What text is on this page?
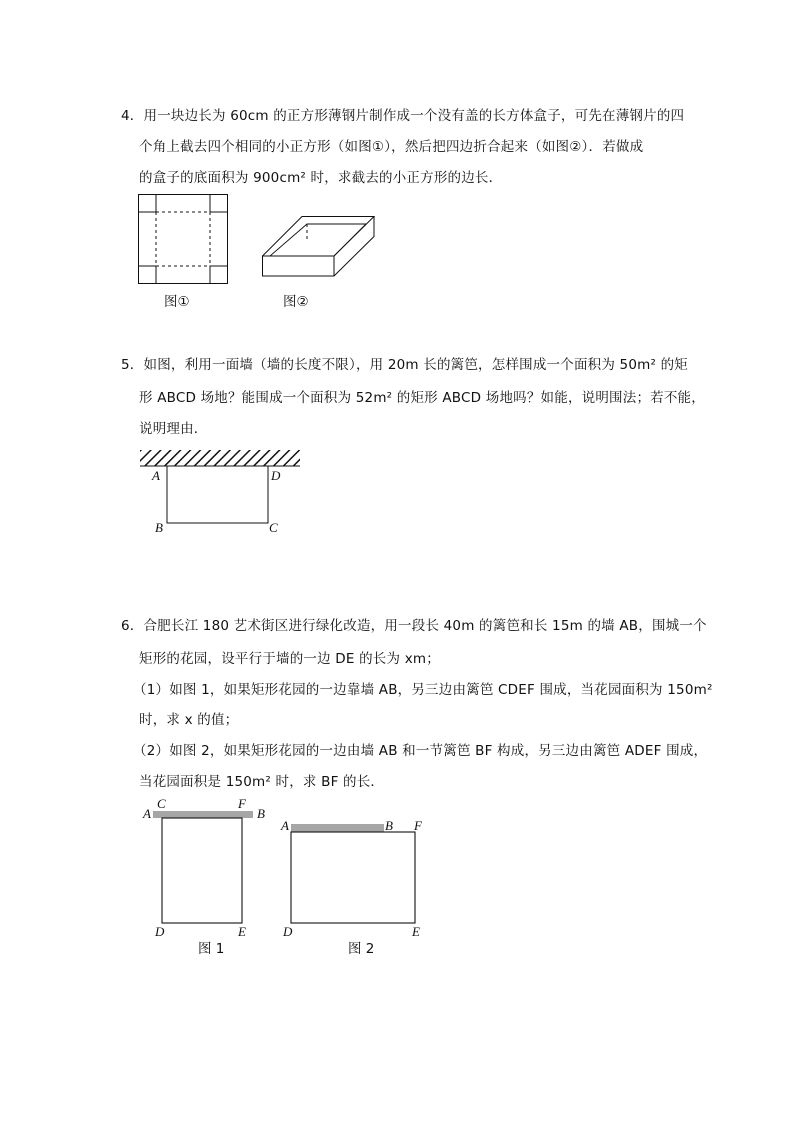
4．用一块边长为 60cm 的正方形薄钢片制作成一个没有盖的长方体盒子，可先在薄钢片的四
个角上截去四个相同的小正方形（如图①），然后把四边折合起来（如图②）．若做成
的盒子的底面积为 900cm² 时，求截去的小正方形的边长．
图①	图②
5．如图，利用一面墙（墙的长度不限），用 20m 长的篱笆，怎样围成一个面积为 50m² 的矩
形 ABCD 场地？能围成一个面积为 52m² 的矩形 ABCD 场地吗？如能，说明围法；若不能，
说明理由．
A	D
B	C
6．合肥长江 180 艺术街区进行绿化改造，用一段长 40m 的篱笆和长 15m 的墙 AB，围城一个
矩形的花园，设平行于墙的一边 DE 的长为 xm；
（1）如图 1，如果矩形花园的一边靠墙 AB，另三边由篱笆 CDEF 围成，当花园面积为 150m²
时，求 x 的值；
（2）如图 2，如果矩形花园的一边由墙 AB 和一节篱笆 BF 构成，另三边由篱笆 ADEF 围成，
当花园面积是 150m² 时，求 BF 的长．
C	F
A	B
D	E
图 1
A	B F
D	E
图 2
